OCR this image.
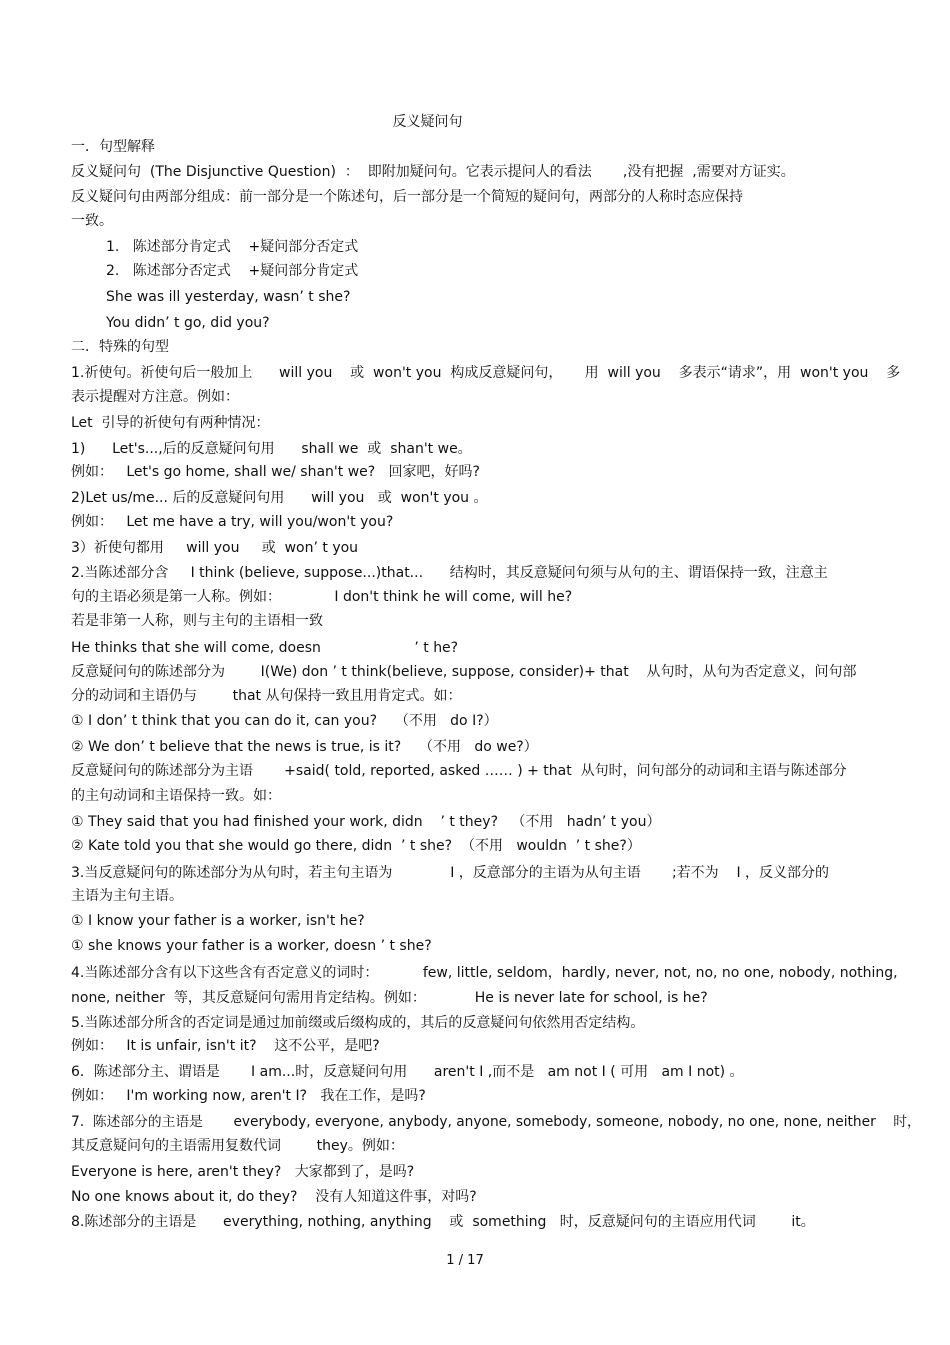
反义疑问句
一．句型解释
反义疑问句  (The Disjunctive Question)  ：  即附加疑问句。它表示提问人的看法       ,没有把握  ,需要对方证实。
反义疑问句由两部分组成：前一部分是一个陈述句，后一部分是一个简短的疑问句，两部分的人称时态应保持
一致。
1.   陈述部分肯定式    +疑问部分否定式
2.   陈述部分否定式    +疑问部分肯定式
She was ill yesterday, wasn’ t she?
You didn’ t go, did you?
二．特殊的句型
1.祈使句。祈使句后一般加上      will you    或  won't you  构成反意疑问句，     用  will you    多表示“请求”，用  won't you    多
表示提醒对方注意。例如：
Let  引导的祈使句有两种情况：
1)      Let's...,后的反意疑问句用      shall we  或  shan't we。
例如：   Let's go home, shall we/ shan't we?   回家吧，好吗?
2)Let us/me... 后的反意疑问句用      will you   或  won't you 。
例如：   Let me have a try, will you/won't you?
3）祈使句都用     will you     或  won’ t you
2.当陈述部分含     I think (believe, suppose...)that...      结构时，其反意疑问句须与从句的主、谓语保持一致，注意主
句的主语必须是第一人称。例如：            I don't think he will come, will he?
若是非第一人称，则与主句的主语相一致
He thinks that she will come, doesn                     ’ t he?
反意疑问句的陈述部分为        I(We) don ’ t think(believe, suppose, consider)+ that    从句时，从句为否定意义，问句部
分的动词和主语仍与        that 从句保持一致且用肯定式。如：
① I don’ t think that you can do it, can you?    （不用   do I?）
② We don’ t believe that the news is true, is it?    （不用   do we?）
反意疑问句的陈述部分为主语       +said( told, reported, asked …… ) + that  从句时，问句部分的动词和主语与陈述部分
的主句动词和主语保持一致。如：
① They said that you had finished your work, didn    ’ t they?   （不用   hadn’ t you）
② Kate told you that she would go there, didn  ’ t she?  （不用   wouldn  ’ t she?）
3.当反意疑问句的陈述部分为从句时，若主句主语为             I ，反意部分的主语为从句主语       ;若不为    I ，反义部分的
主语为主句主语。
① I know your father is a worker, isn't he?
① she knows your father is a worker, doesn ’ t she?
4.当陈述部分含有以下这些含有否定意义的词时：          few, little, seldom，hardly, never, not, no, no one, nobody, nothing,
none, neither  等，其反意疑问句需用肯定结构。例如：           He is never late for school, is he?
5.当陈述部分所含的否定词是通过加前缀或后缀构成的，其后的反意疑问句依然用否定结构。
例如：   It is unfair, isn't it?    这不公平，是吧?
6．陈述部分主、谓语是       I am...时，反意疑问句用      aren't I ,而不是   am not I ( 可用   am I not) 。
例如：   I'm working now, aren't I?   我在工作，是吗?
7.  陈述部分的主语是       everybody, everyone, anybody, anyone, somebody, someone, nobody, no one, none, neither    时，
其反意疑问句的主语需用复数代词        they。例如：
Everyone is here, aren't they?   大家都到了，是吗?
No one knows about it, do they?    没有人知道这件事，对吗?
8.陈述部分的主语是      everything, nothing, anything    或  something   时，反意疑问句的主语应用代词        it。
1 / 17
